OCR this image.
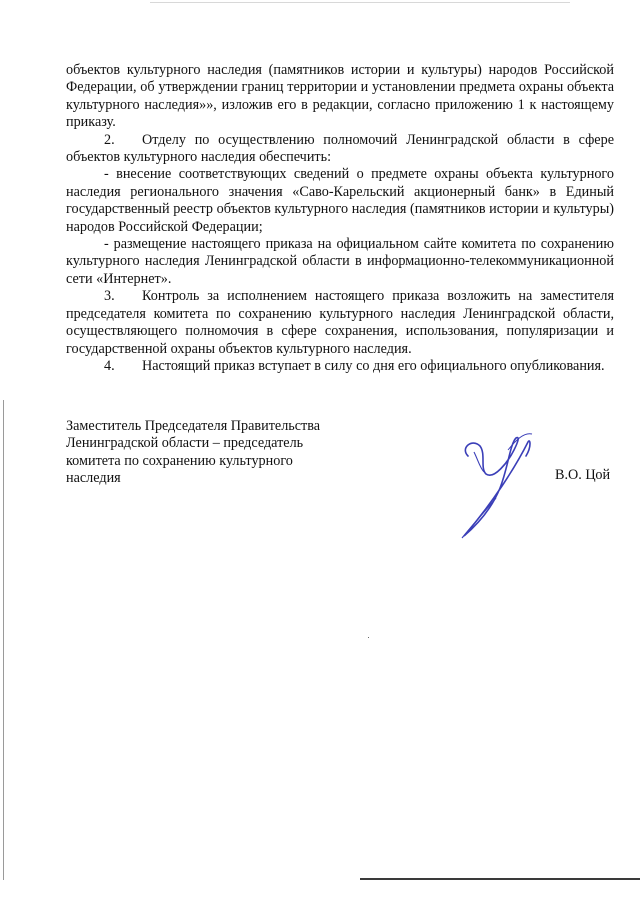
объектов культурного наследия (памятников истории и культуры) народов Российской Федерации, об утверждении границ территории и установлении предмета охраны объекта культурного наследия»», изложив его в редакции, согласно приложению 1 к настоящему приказу.

2. Отделу по осуществлению полномочий Ленинградской области в сфере объектов культурного наследия обеспечить:

- внесение соответствующих сведений о предмете охраны объекта культурного наследия регионального значения «Саво-Карельский акционерный банк» в Единый государственный реестр объектов культурного наследия (памятников истории и культуры) народов Российской Федерации;

- размещение настоящего приказа на официальном сайте комитета по сохранению культурного наследия Ленинградской области в информационно-телекоммуникационной сети «Интернет».

3. Контроль за исполнением настоящего приказа возложить на заместителя председателя комитета по сохранению культурного наследия Ленинградской области, осуществляющего полномочия в сфере сохранения, использования, популяризации и государственной охраны объектов культурного наследия.

4. Настоящий приказ вступает в силу со дня его официального опубликования.

Заместитель Председателя Правительства
Ленинградской области – председатель
комитета по сохранению культурного
наследия	В.О. Цой
